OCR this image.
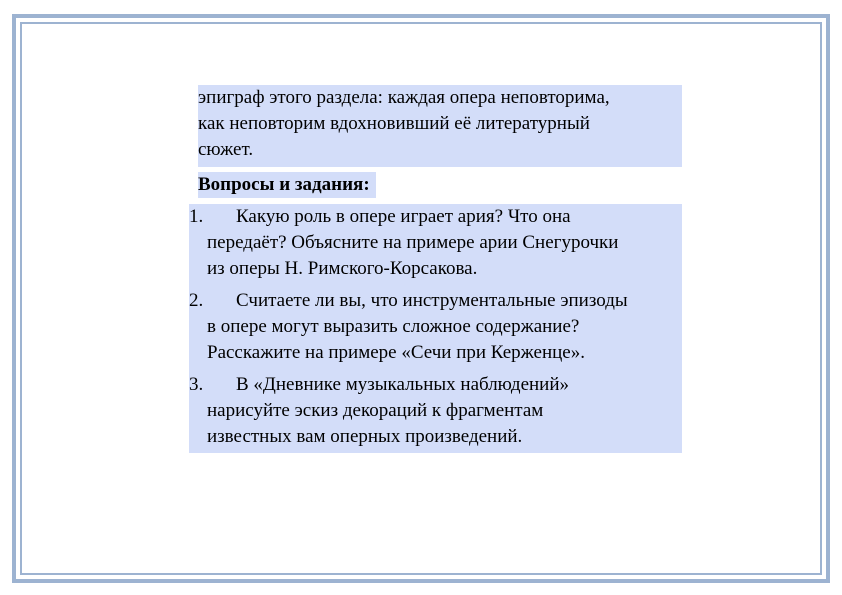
эпиграф этого раздела: каждая опера неповторима,
как неповторим вдохновивший её литературный
сюжет.
Вопросы и задания:
1.	Какую роль в опере играет ария? Что она
передаёт? Объясните на примере арии Снегурочки
из оперы Н. Римского-Корсакова.
2.	Считаете ли вы, что инструментальные эпизоды
в опере могут выразить сложное содержание?
Расскажите на примере «Сечи при Керженце».
3.	В «Дневнике музыкальных наблюдений»
нарисуйте эскиз декораций к фрагментам
известных вам оперных произведений.
